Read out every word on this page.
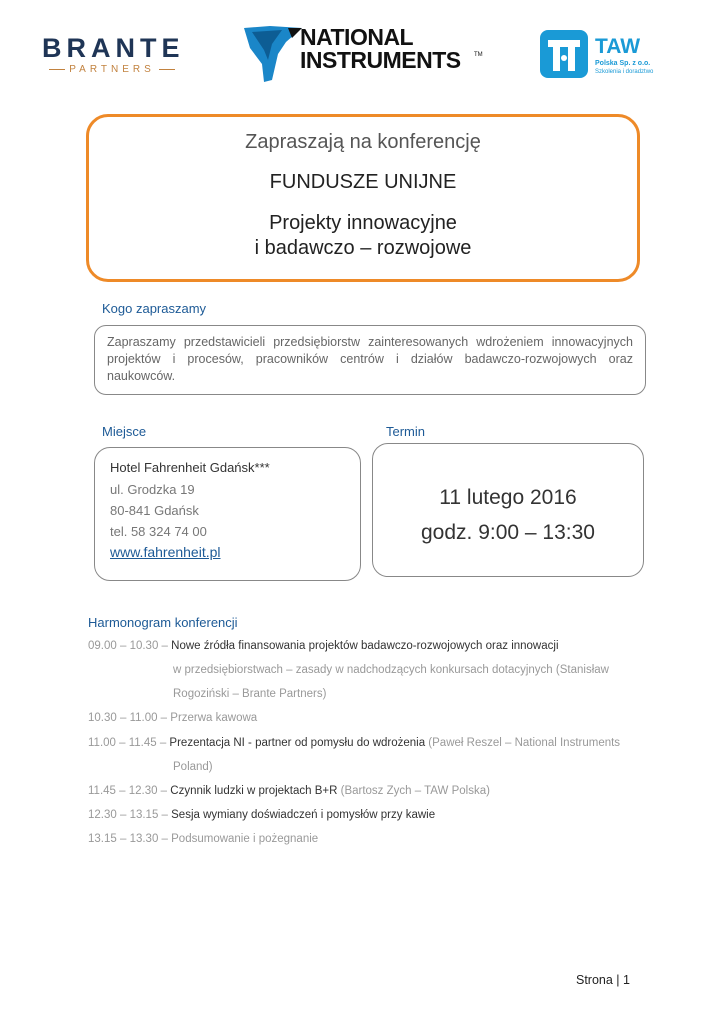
BRANTE
PARTNERS
NATIONAL
INSTRUMENTS TM	TAW
Polska Sp. z o.o.
Szkolenia i doradztwo
Zapraszają na konferencję
FUNDUSZE UNIJNE
Projekty innowacyjne
i badawczo – rozwojowe
Kogo zapraszamy
Zapraszamy przedstawicieli przedsiębiorstw zainteresowanych wdrożeniem innowacyjnych projektów i procesów, pracowników centrów i działów badawczo-rozwojowych oraz naukowców.
Miejsce
Hotel Fahrenheit Gdańsk***
ul. Grodzka 19
80-841 Gdańsk
tel. 58 324 74 00
www.fahrenheit.pl
Termin
11 lutego 2016
godz. 9:00 – 13:30
Harmonogram konferencji
09.00 – 10.30 – Nowe źródła finansowania projektów badawczo-rozwojowych oraz innowacji
w przedsiębiorstwach – zasady w nadchodzących konkursach dotacyjnych (Stanisław
Rogoziński – Brante Partners)
10.30 – 11.00 – Przerwa kawowa
11.00 – 11.45 – Prezentacja NI - partner od pomysłu do wdrożenia (Paweł Reszel – National Instruments
Poland)
11.45 – 12.30 – Czynnik ludzki w projektach B+R (Bartosz Zych – TAW Polska)
12.30 – 13.15 – Sesja wymiany doświadczeń i pomysłów przy kawie
13.15 – 13.30 – Podsumowanie i pożegnanie
Strona | 1
